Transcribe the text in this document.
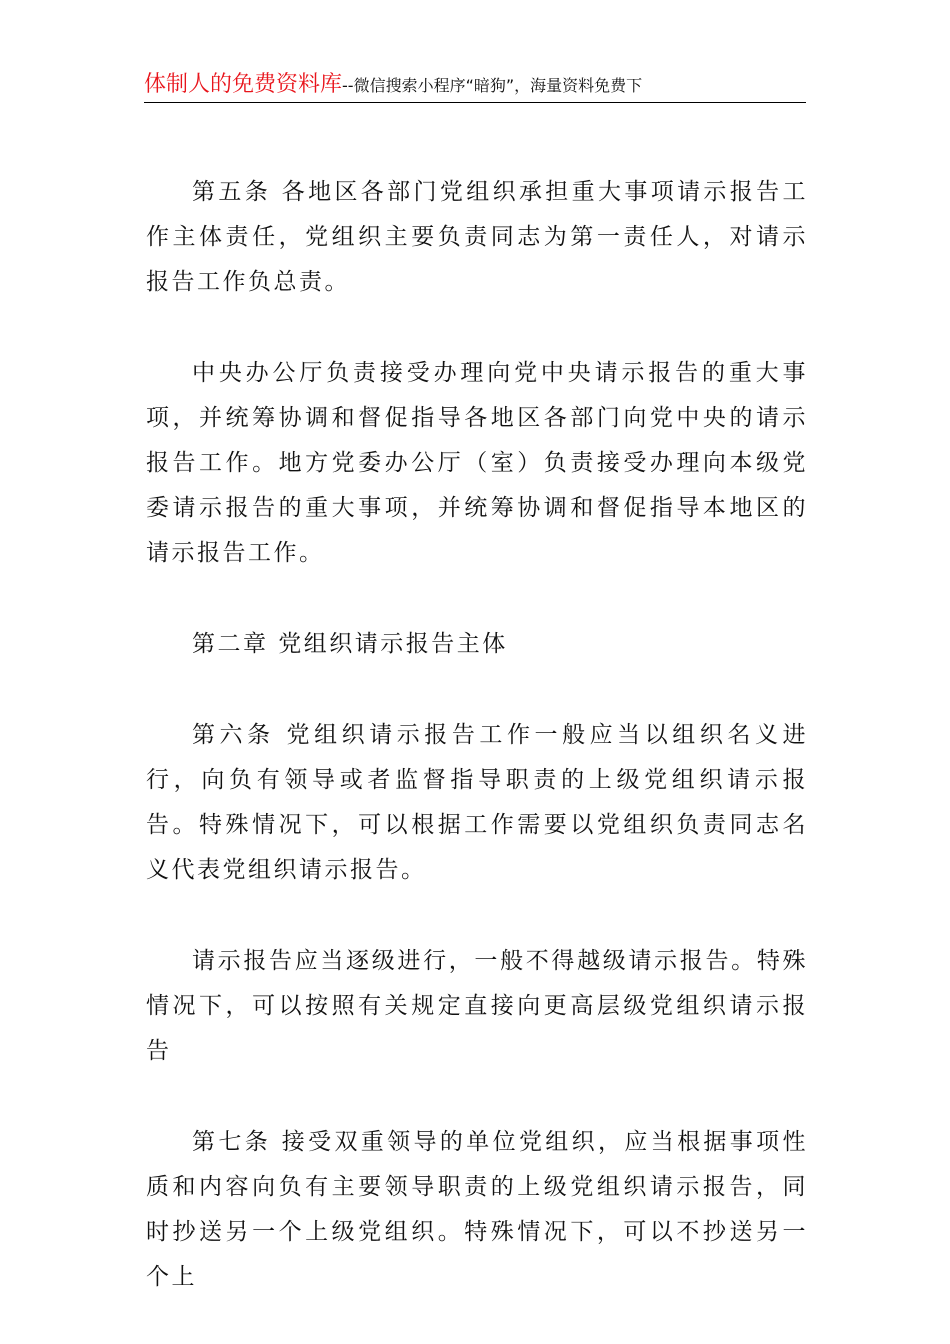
体制人的免费资料库--微信搜索小程序“暗狗”，海量资料免费下

第五条 各地区各部门党组织承担重大事项请示报告工作主体责任，党组织主要负责同志为第一责任人，对请示报告工作负总责。

中央办公厅负责接受办理向党中央请示报告的重大事项，并统筹协调和督促指导各地区各部门向党中央的请示报告工作。地方党委办公厅（室）负责接受办理向本级党委请示报告的重大事项，并统筹协调和督促指导本地区的请示报告工作。

第二章 党组织请示报告主体

第六条 党组织请示报告工作一般应当以组织名义进行，向负有领导或者监督指导职责的上级党组织请示报告。特殊情况下，可以根据工作需要以党组织负责同志名义代表党组织请示报告。

请示报告应当逐级进行，一般不得越级请示报告。特殊情况下，可以按照有关规定直接向更高层级党组织请示报告

第七条 接受双重领导的单位党组织，应当根据事项性质和内容向负有主要领导职责的上级党组织请示报告，同时抄送另一个上级党组织。特殊情况下，可以不抄送另一个上
